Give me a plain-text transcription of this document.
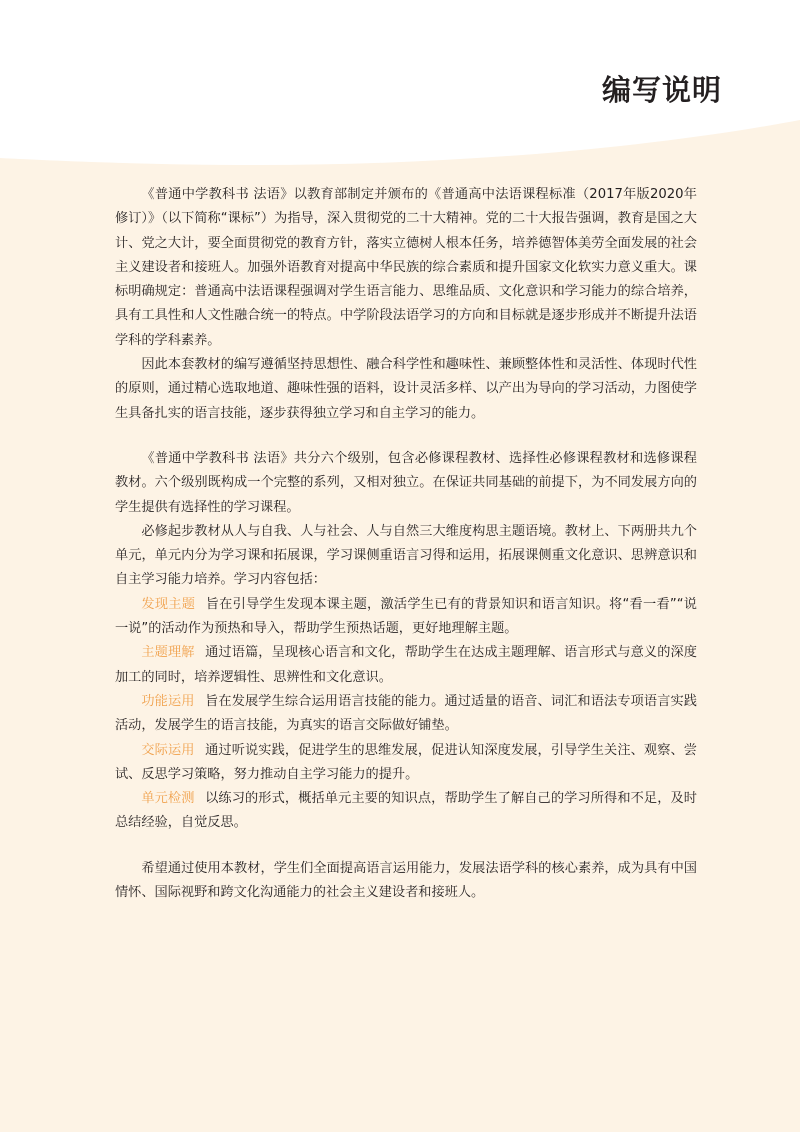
编写说明

《普通中学教科书 法语》以教育部制定并颁布的《普通高中法语课程标准（2017年版2020年修订）》（以下简称“课标”）为指导，深入贯彻党的二十大精神。党的二十大报告强调，教育是国之大计、党之大计，要全面贯彻党的教育方针，落实立德树人根本任务，培养德智体美劳全面发展的社会主义建设者和接班人。加强外语教育对提高中华民族的综合素质和提升国家文化软实力意义重大。课标明确规定：普通高中法语课程强调对学生语言能力、思维品质、文化意识和学习能力的综合培养，具有工具性和人文性融合统一的特点。中学阶段法语学习的方向和目标就是逐步形成并不断提升法语学科的学科素养。

因此本套教材的编写遵循坚持思想性、融合科学性和趣味性、兼顾整体性和灵活性、体现时代性的原则，通过精心选取地道、趣味性强的语料，设计灵活多样、以产出为导向的学习活动，力图使学生具备扎实的语言技能，逐步获得独立学习和自主学习的能力。

《普通中学教科书 法语》共分六个级别，包含必修课程教材、选择性必修课程教材和选修课程教材。六个级别既构成一个完整的系列，又相对独立。在保证共同基础的前提下，为不同发展方向的学生提供有选择性的学习课程。

必修起步教材从人与自我、人与社会、人与自然三大维度构思主题语境。教材上、下两册共九个单元，单元内分为学习课和拓展课，学习课侧重语言习得和运用，拓展课侧重文化意识、思辨意识和自主学习能力培养。学习内容包括：

发现主题 旨在引导学生发现本课主题，激活学生已有的背景知识和语言知识。将“看一看”“说一说”的活动作为预热和导入，帮助学生预热话题，更好地理解主题。

主题理解 通过语篇，呈现核心语言和文化，帮助学生在达成主题理解、语言形式与意义的深度加工的同时，培养逻辑性、思辨性和文化意识。

功能运用 旨在发展学生综合运用语言技能的能力。通过适量的语音、词汇和语法专项语言实践活动，发展学生的语言技能，为真实的语言交际做好铺垫。

交际运用 通过听说实践，促进学生的思维发展，促进认知深度发展，引导学生关注、观察、尝试、反思学习策略，努力推动自主学习能力的提升。

单元检测 以练习的形式，概括单元主要的知识点，帮助学生了解自己的学习所得和不足，及时总结经验，自觉反思。

希望通过使用本教材，学生们全面提高语言运用能力，发展法语学科的核心素养，成为具有中国情怀、国际视野和跨文化沟通能力的社会主义建设者和接班人。
